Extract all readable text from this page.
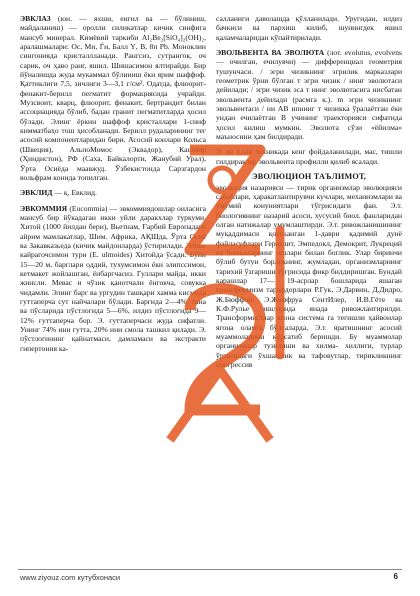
ЭВКЛАЗ (юн. — яхши, енгил ва — бўлиниш, майдаланиш) — оролли силикатлар кичик синфига мансуб минерал. Кимёвий таркиби Al₂Be₂[SiO₄]₂(OH)₂, аралашмалари: Ос, Ми, Ѓи, Балл Ү, В, 8п Рb. Моноклин сингонияда кристаллланади. Рангсиз, сутрангок, оч сарик, оч ҳаво ранг, яшил. Шишасимон ялтирайди. Бир йўналишда жуда мукаммал бўлиниш ёки ярим шаффоф. Қаттиклиги 7,5, зичлиги 3—3,1 г/см². Одатда, флюорит-фенакит-берилл пегматит формациясида учрайди. Музсвоит, кварц, флюорит, фенакит, бертрандит билан ассоциацияда бўлиб, бадан гранит пегматитларда ҳосил бўлади. Элинг ёркин шаффоф кристаллари 1-синф кимматбаҳо тош ҳисобланади. Берилл рудаларининг тег асосий компонентларидан бири. Асосий конлари Кольса (Швеция), АльпоМомос (Эквадор), Кашмир (Ҳиндистон), РФ (Саха, Байкалорти, Жанубий Урал), Ўрта Осиёда маавжуд. Ўзбекистонда Сарзгардон вольфрам конида топилган.
ЭВКЛИД — қ. Евклид.
ЭВКОММИЯ (Eucommia) — эвкоммиядошлар оиласига мансуб бир йўкадаган икки уйли даракхлар туркуми. Хитой (1000 йилдан бери), Вьетнам, Ғарбий Европадаги айрим мамлакатлар, Шим. Африка, АҚШда, Ўрта Осиё ва Закавказьеда (кичик майдонларда) ўстирилади. Элинг кайрагочсимон тури (Е. ulmoides) Хитойда ўсади. Бўйи 15—20 м, барглари оддий, тухумсимон ёки элипссимон, кетмакет жойлашган, ёнбаргчасиз. Гуллари майда, икки жинсли. Мевас и чўзик қанотчали ёнгокча, совукка чидамли. Элинг барг ва ургудин ташқари хамма кисмида гуттаперча сут найчалари бўлади. Баргида 2—4%, тана ва пўсларида пўстлогида 5—6%, илдиз пўстлогида 9—12% гуттаперча бор. Э. гуттаперчаси жуда сифатли. Унинг 74% ини гутта, 20% ини смола ташкил қилади. Э. пўстлогининг қайнатмаси, дамламаси ва экстракти гипертония ка-
салланиги даволашда қўлланилади. Уругидан, илдиз бачкиси ва пархиш килиб, шунингдек яшил қаламчаларидан кўпайтирилади.
ЭВОЛЬВЕНТА ВА ЭВОЛЮТА (лот. evolutus, evolvens — очилган, ечилувчи) — дифференциал геометрия тушунчаси. / эгри чизикнинг эгрилик марказлари геометрик ўрни бўлган т эгри чизик / нинг эволютаси дейилади; / эгри чизик эса т нинг эволютасига нисбатан эвольвента дейилади (расмга к.). m эгри чизикнинг эвольвентаси / ни AB ипнинг т чизикка ўралаётган ёки ундан ечилаётган В учининг траекторияси сифатида ҳосил килиш мумкин. Эволюта сўзи «ёйилма» маъносини ҳам билдиради.
Э. ва э.дан техникада кенг фойдаланилади, мас, тишли гилдираклар эвольвента профилли қилиб ясалади.
ЭВОЛЮЦИОН ТАЪЛИМОТ,
эволюция назарияси — тирик организмлар эволюцияси сабаблари, ҳаракатлантирувчи кучлари, механизмлари ва умумий конуниятлари тўгрисидаги фан. Э.т. биологиянинг назарий асоси, хусусий биол. фанларидан олган натижалар умумлаштирди. Э.т. ривожланишининг муқаддимаси қоесканган 1-даври қадимий дунё файласуфлари Гераклит, Эмпедокл, Демокрит, Лукреций ва бошкаларнинг ишлари билан боглик. Улар биринчи бўлиб бутун борликнинг, жумладан, организмларнинг тарихий ўзгариши тўгрисида фикр билдиришган. Бундай қарашлар 17— 19-асрлар бошларида яшаган трансформизм тарафдорлари Р.Гук, Э.Дарвин, Д.Дидро, Ж.Бюффон, Э.Жоффруа СентИлер, И.В.Гёте ва К.Ф.Рулье ишларида янада ривожлантирилди. Трансформистлар ягона система га тегишли ҳайвонлар ягона оламга бўлсалардa, Э.т. яратишнинг асосий муаммоларини кўрсатиб беришди. Бу муаммолар организмлар тузилиши ва хилма- хиллиги, турлар ўртасидаги ўхшашлик ва тафовутлар, тирикликнинг прогрессив
www.ziyouz.com кутубхонаси	6
